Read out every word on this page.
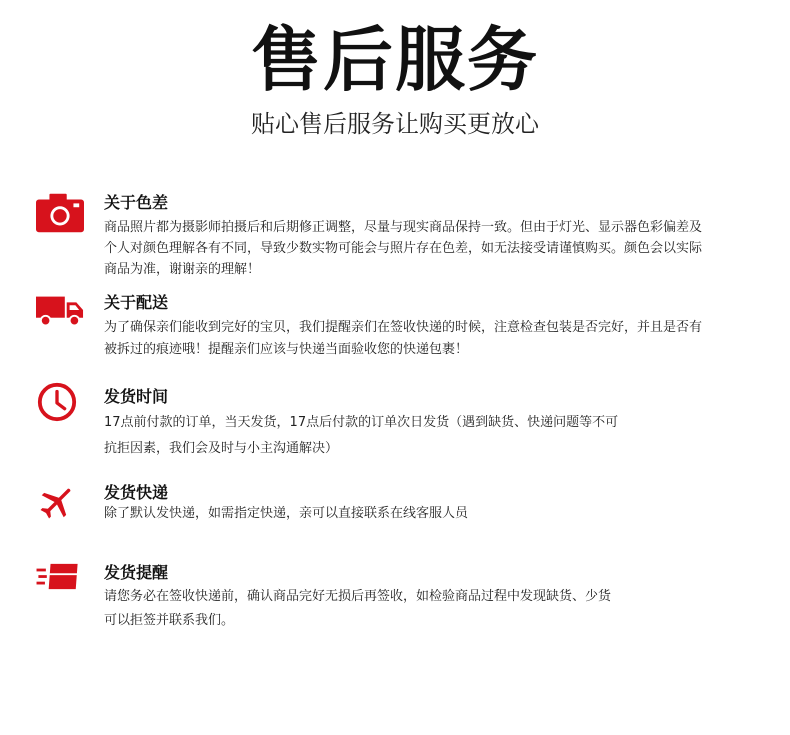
售后服务
贴心售后服务让购买更放心
关于色差
商品照片都为摄影师拍摄后和后期修正调整，尽量与现实商品保持一致。但由于灯光、显示器色彩偏差及
个人对颜色理解各有不同，导致少数实物可能会与照片存在色差，如无法接受请谨慎购买。颜色会以实际
商品为准，谢谢亲的理解！
关于配送
为了确保亲们能收到完好的宝贝，我们提醒亲们在签收快递的时候，注意检查包装是否完好，并且是否有
被拆过的痕迹哦！提醒亲们应该与快递当面验收您的快递包裹！
发货时间
17点前付款的订单，当天发货，17点后付款的订单次日发货（遇到缺货、快递问题等不可
抗拒因素，我们会及时与小主沟通解决）
发货快递
除了默认发快递，如需指定快递，亲可以直接联系在线客服人员
发货提醒
请您务必在签收快递前，确认商品完好无损后再签收，如检验商品过程中发现缺货、少货
可以拒签并联系我们。
